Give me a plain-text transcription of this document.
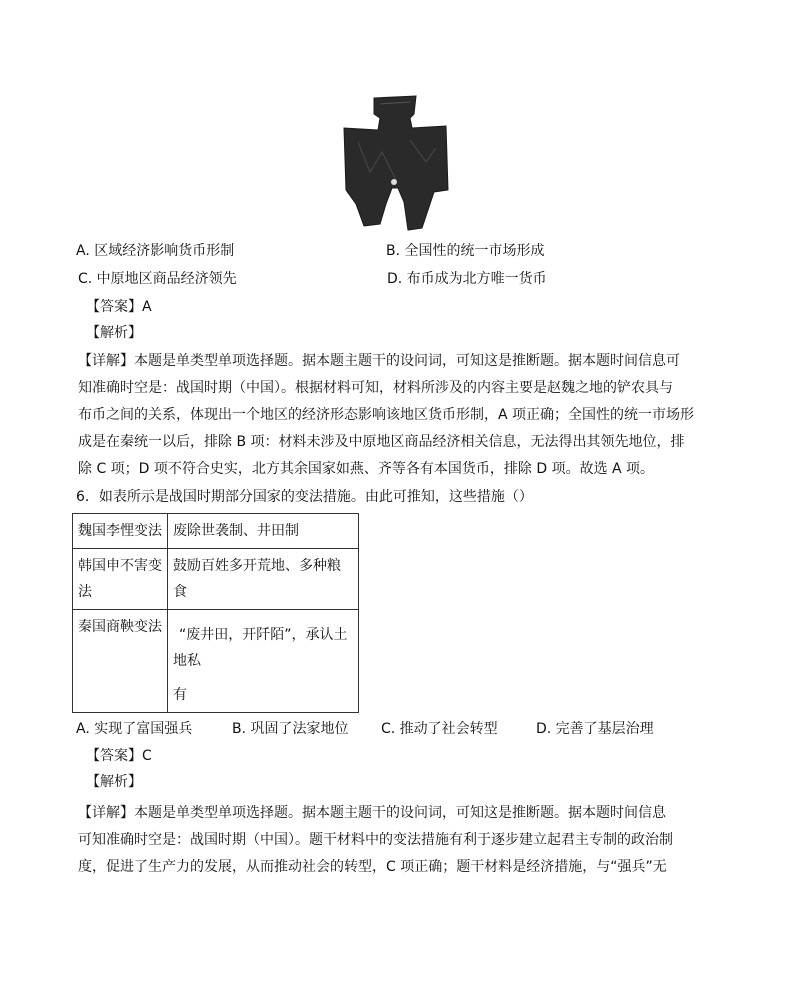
A. 区域经济影响货币形制	B. 全国性的统一市场形成
C. 中原地区商品经济领先	D. 布币成为北方唯一货币
【答案】A
【解析】
【详解】本题是单类型单项选择题。据本题主题干的设问词，可知这是推断题。据本题时间信息可
知准确时空是：战国时期（中国）。根据材料可知，材料所涉及的内容主要是赵魏之地的铲农具与
布币之间的关系，体现出一个地区的经济形态影响该地区货币形制，A 项正确；全国性的统一市场形
成是在秦统一以后，排除 B 项：材料未涉及中原地区商品经济相关信息，无法得出其领先地位，排
除 C 项；D 项不符合史实，北方其余国家如燕、齐等各有本国货币，排除 D 项。故选 A 项。
6．如表所示是战国时期部分国家的变法措施。由此可推知，这些措施（）
魏国李悝变法	废除世袭制、井田制
韩国申不害变法	鼓励百姓多开荒地、多种粮食
秦国商鞅变法	“废井田，开阡陌”，承认土
地私
有
A. 实现了富国强兵	B. 巩固了法家地位 C. 推动了社会转型	D. 完善了基层治理
【答案】C
【解析】
【详解】本题是单类型单项选择题。据本题主题干的设问词，可知这是推断题。据本题时间信息
可知准确时空是：战国时期（中国）。题干材料中的变法措施有利于逐步建立起君主专制的政治制
度，促进了生产力的发展，从而推动社会的转型，C 项正确；题干材料是经济措施，与“强兵”无
